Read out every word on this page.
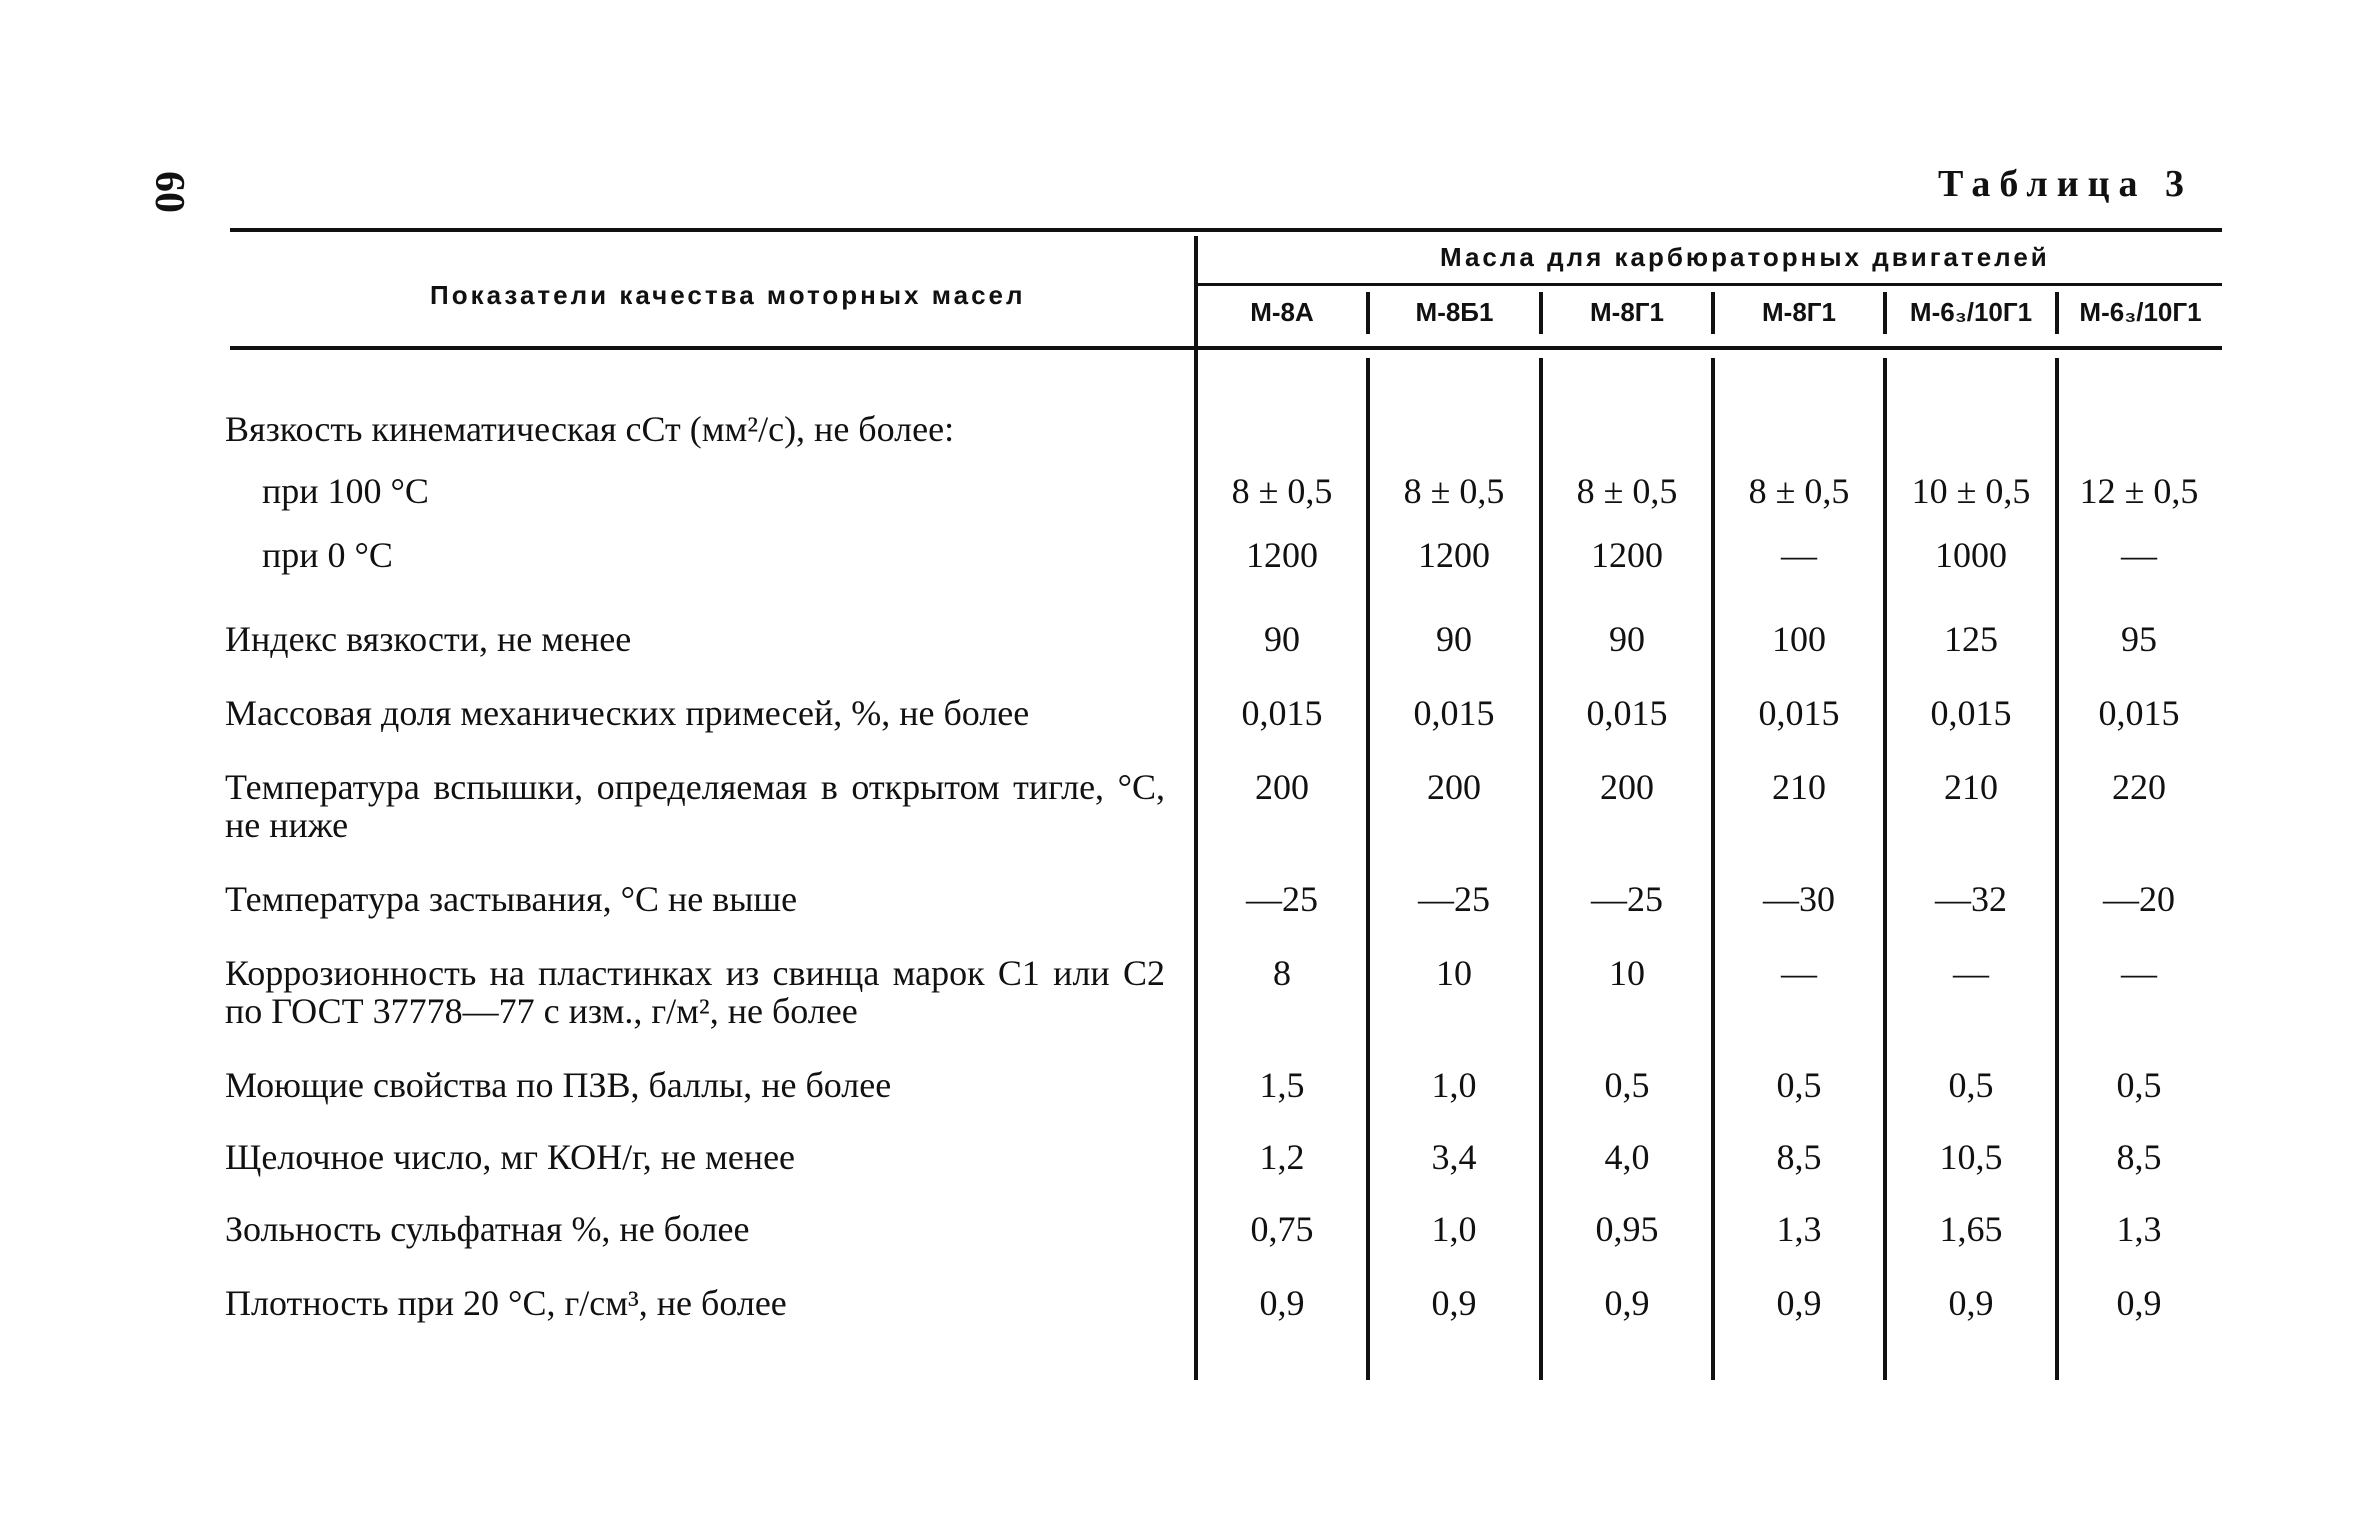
60	Таблица 3
Показатели качества моторных масел
Масла для карбюраторных двигателей
М-8А	М-8Б1	М-8Г1	М-8Г1	М-6₃/10Г1	М-6₃/10Г1
Вязкость кинематическая сСт (мм²/с), не более:
при 100 °С	8 ± 0,5	8 ± 0,5	8 ± 0,5	8 ± 0,5	10 ± 0,5	12 ± 0,5
при 0 °С	1200	1200	1200	—	1000	—
Индекс вязкости, не менее	90	90	90	100	125	95
Массовая доля механических примесей, %, не более	0,015	0,015	0,015	0,015	0,015	0,015
Температура вспышки, определяемая в открытом тигле, °С, не ниже
200	200	200	210	210	220
Температура застывания, °С не выше	—25	—25	—25	—30	—32	—20
Коррозионность на пластинках из свинца марок С1 или С2 по ГОСТ 37778—77 с изм., г/м², не более
8	10	10	—	—	—
Моющие свойства по ПЗВ, баллы, не более	1,5	1,0	0,5	0,5	0,5	0,5
Щелочное число, мг КОН/г, не менее	1,2	3,4	4,0	8,5	10,5	8,5
Зольность сульфатная %, не более	0,75	1,0	0,95	1,3	1,65	1,3
Плотность при 20 °С, г/см³, не более	0,9	0,9	0,9	0,9	0,9	0,9
